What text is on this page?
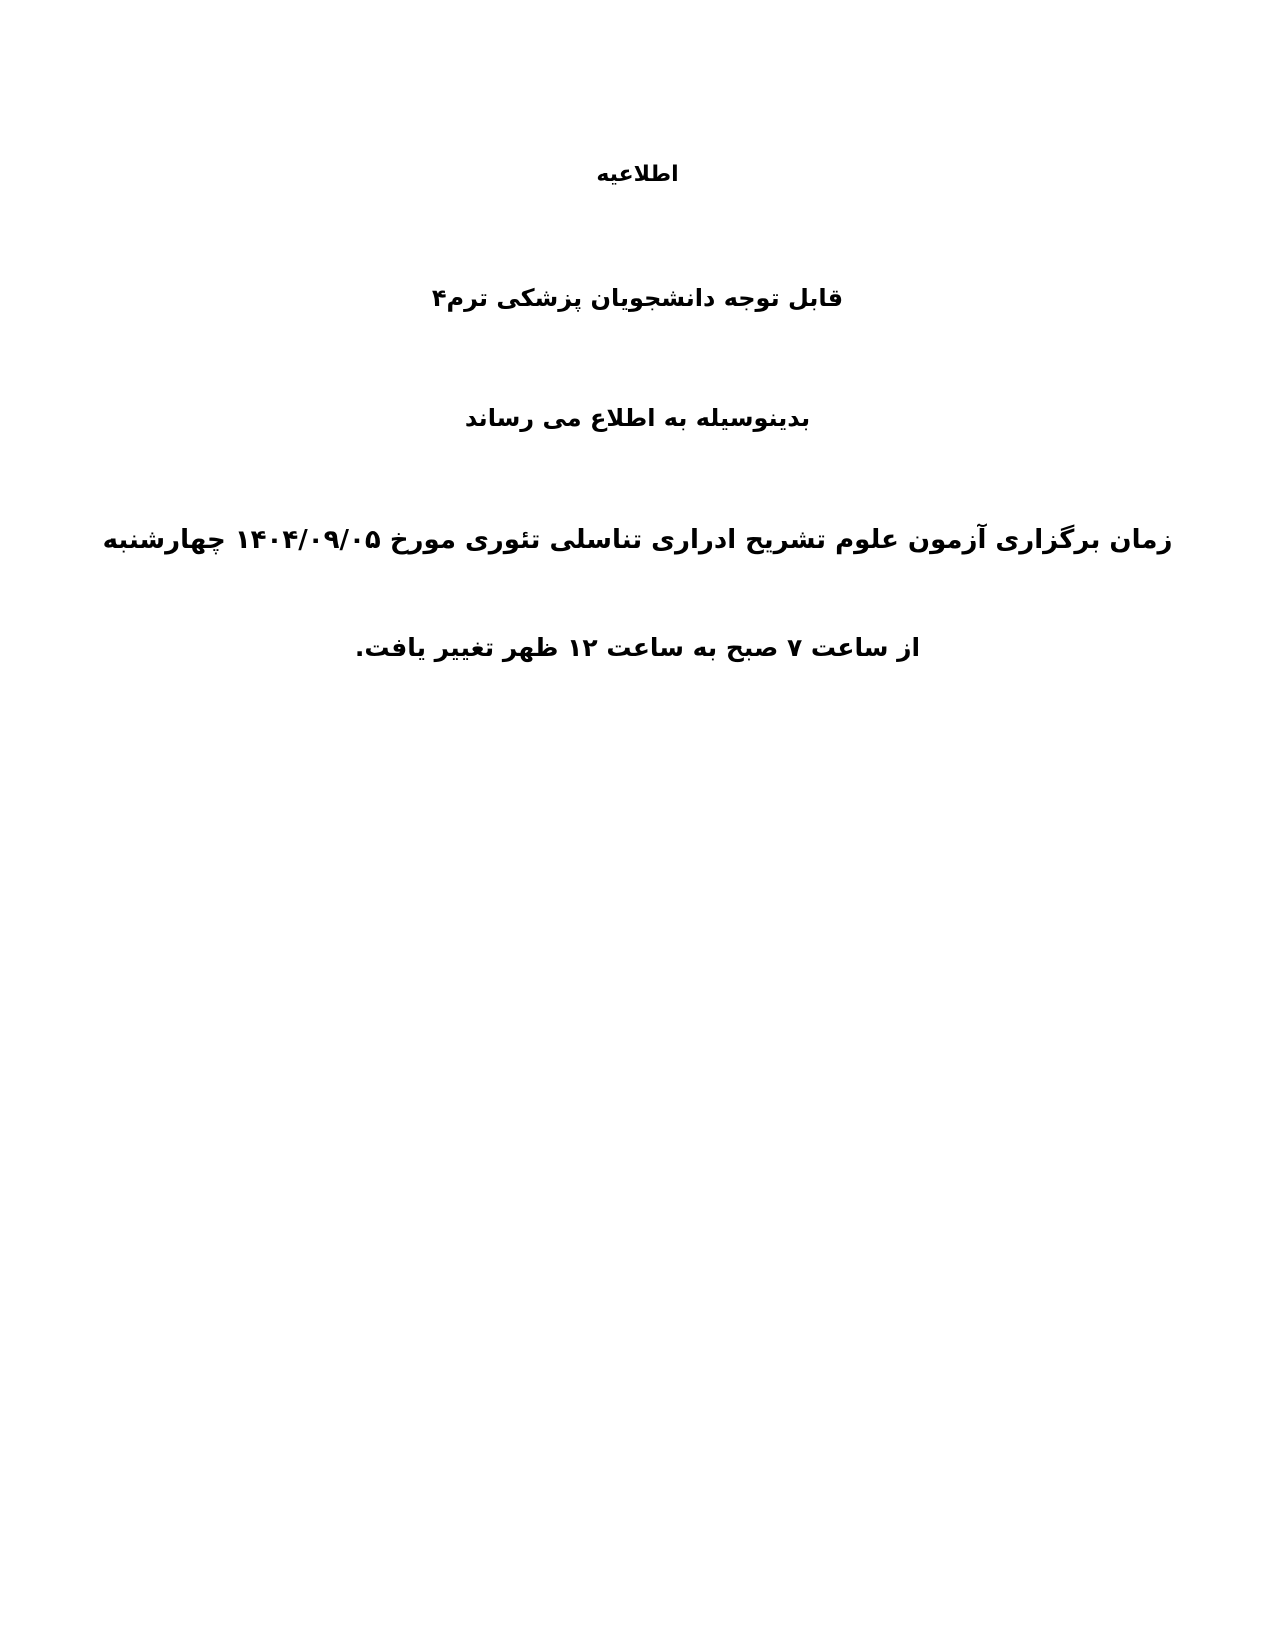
اطلاعیه
قابل توجه دانشجویان پزشکی ترم۴
بدینوسیله به اطلاع می رساند
زمان برگزاری آزمون علوم تشریح ادراری تناسلی تئوری مورخ ۱۴۰۴/۰۹/۰۵ چهارشنبه
از ساعت ۷ صبح به ساعت ۱۲ ظهر تغییر یافت.
